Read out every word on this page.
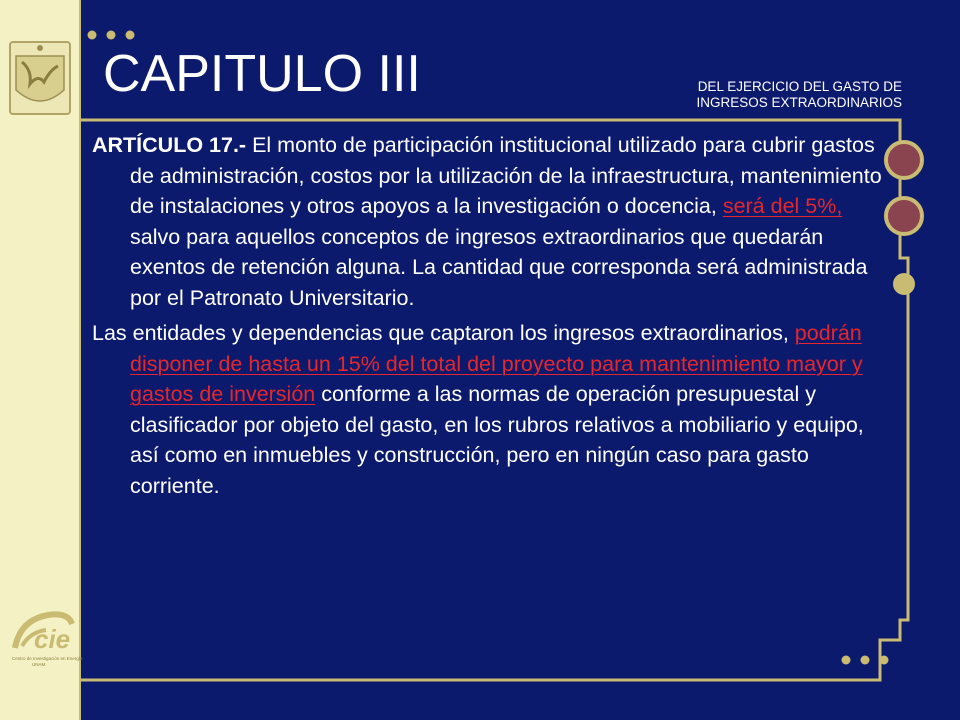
cie
Centro de Investigación en Energía
UNAM
CAPITULO III	DEL EJERCICIO DEL GASTO DE
INGRESOS EXTRAORDINARIOS

ARTÍCULO 17.- El monto de participación institucional utilizado para cubrir gastos de administración, costos por la utilización de la infraestructura, mantenimiento de instalaciones y otros apoyos a la investigación o docencia, será del 5%, salvo para aquellos conceptos de ingresos extraordinarios que quedarán exentos de retención alguna. La cantidad que corresponda será administrada por el Patronato Universitario.

Las entidades y dependencias que captaron los ingresos extraordinarios, podrán disponer de hasta un 15% del total del proyecto para mantenimiento mayor y gastos de inversión conforme a las normas de operación presupuestal y clasificador por objeto del gasto, en los rubros relativos a mobiliario y equipo, así como en inmuebles y construcción, pero en ningún caso para gasto corriente.
